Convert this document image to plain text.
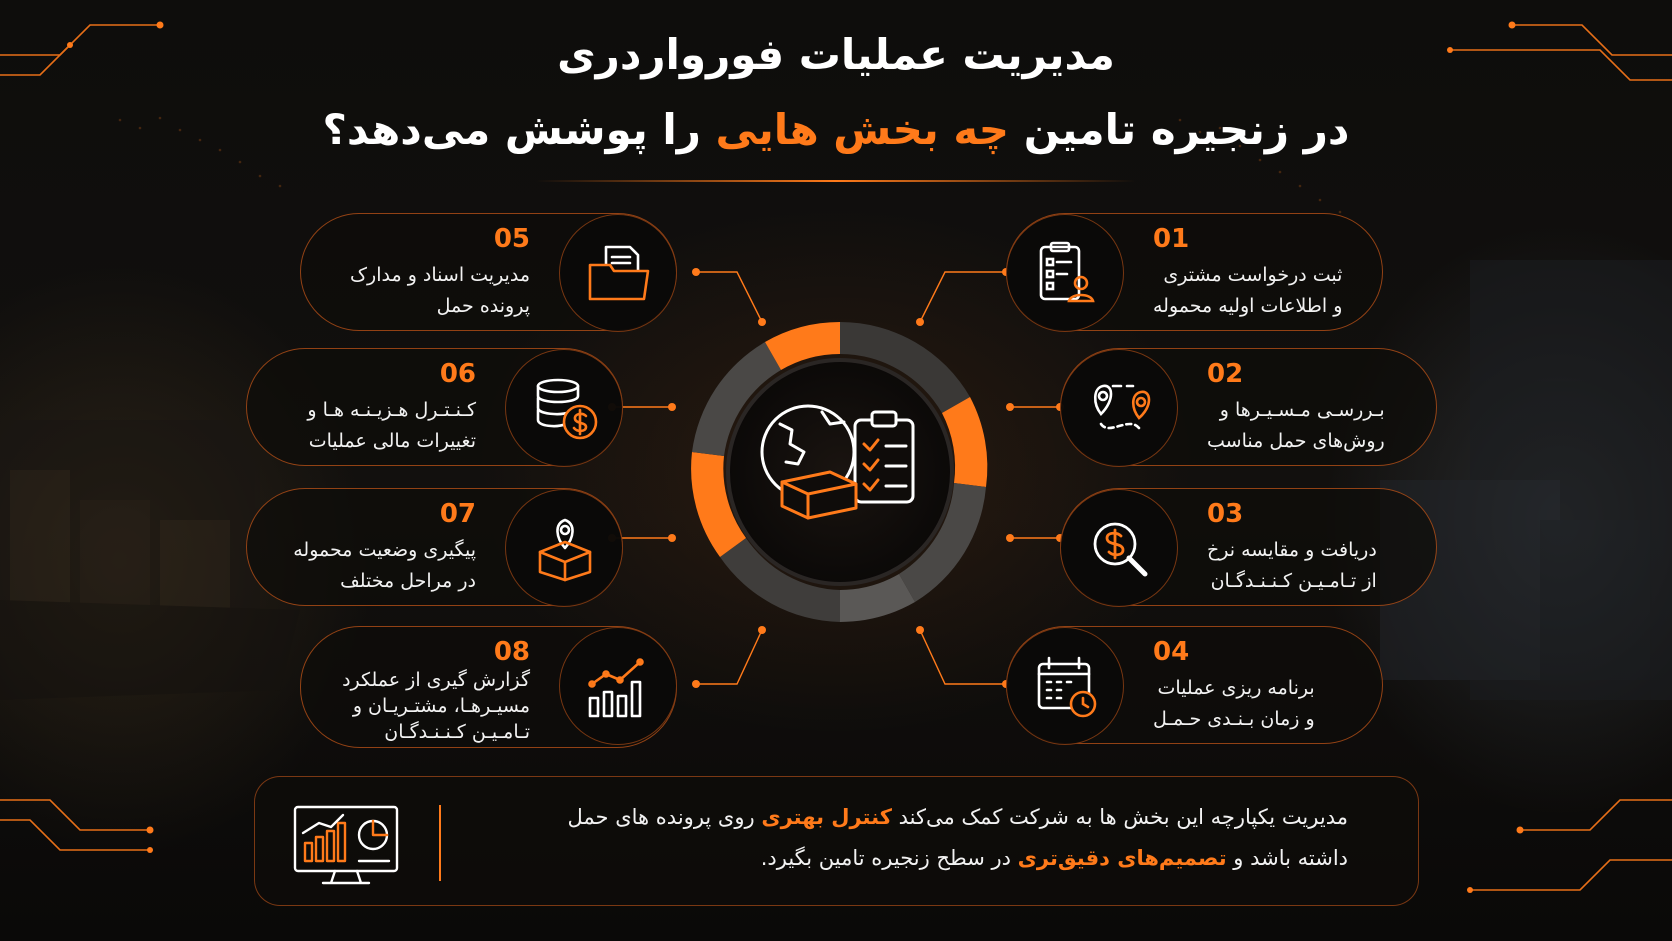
مدیریت عملیات فورواردری
در زنجیره تامین چه بخش هایی را پوشش می‌دهد؟
01
ثبت درخواست مشتری
و اطلاعات اولیه محموله
02
بـررسـی مـسـیـرها و
روش‌های حمل مناسب
03
دریافت و مقایسه نرخ
از تـامـیـن کـنـنـدگـان
04
برنامه ریزی عملیات
و زمان بـنـدی حـمـل
05
مدیریت اسناد و مدارک
پرونده حمل
06
کـنـتـرل هـزیـنـه هـا و
تغییرات مالی عملیات
07
پیگیری وضعیت محموله
در مراحل مختلف
08
گزارش گیری از عملکرد
مسیـرهـا، مشتـریـان و
تـامـیـن کـنـنـدگـان
مدیریت یکپارچه این بخش ها به شرکت کمک می‌کند کنترل بهتری روی پرونده های حمل
داشته باشد و تصمیم‌های دقیق‌تری در سطح زنجیره تامین بگیرد.
